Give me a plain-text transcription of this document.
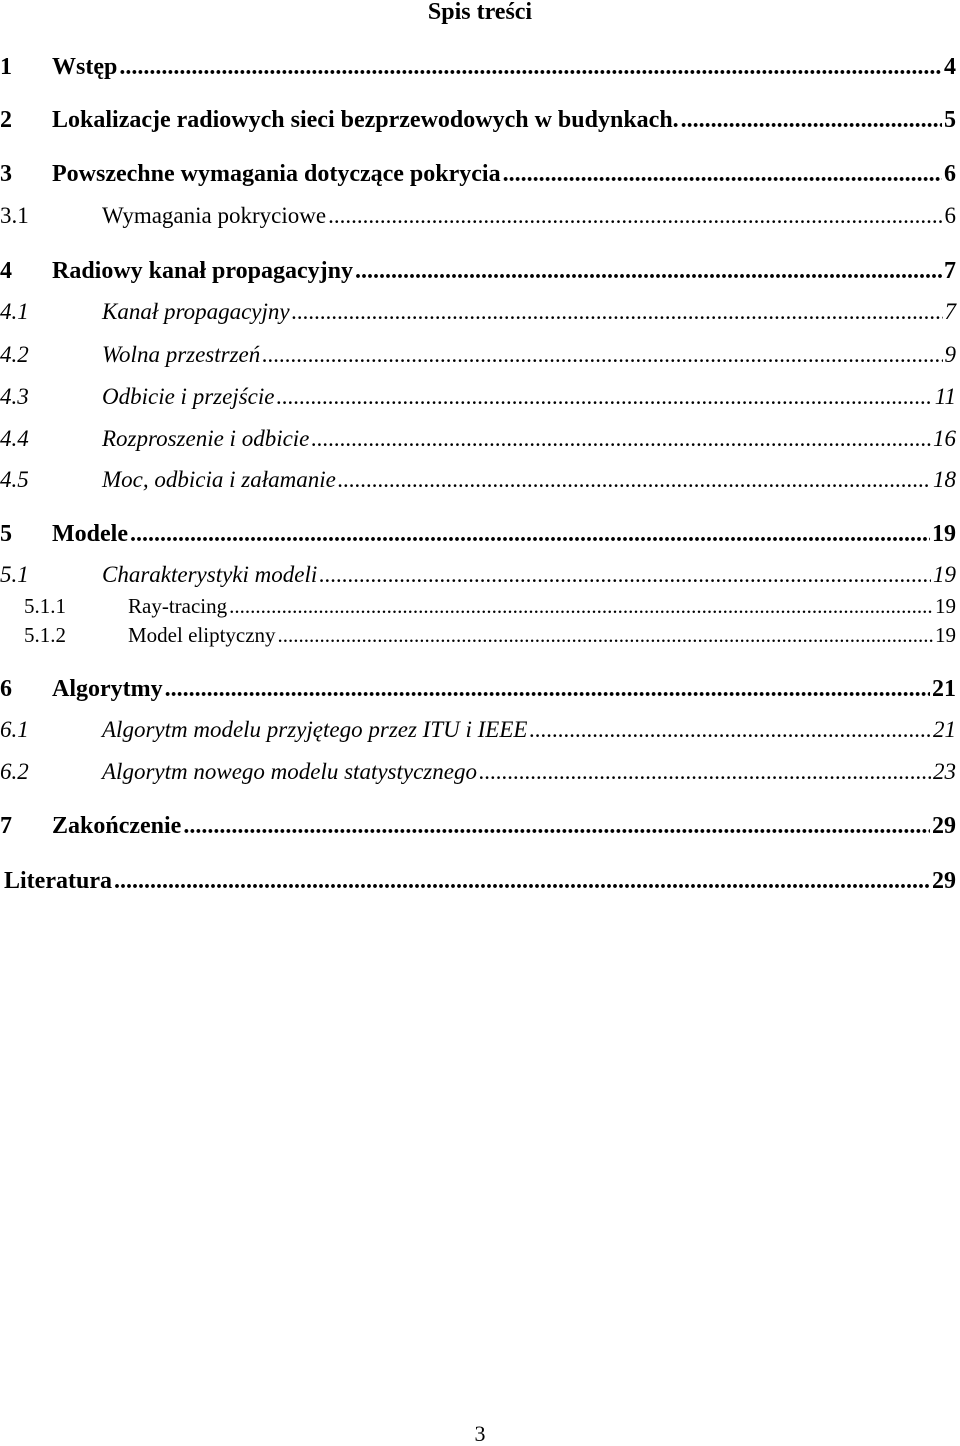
Spis treści
1	Wstęp .....	4
2	Lokalizacje radiowych sieci bezprzewodowych w budynkach. .....	5
3	Powszechne wymagania dotyczące pokrycia .....	6
3.1	Wymagania pokryciowe .....	6
4	Radiowy kanał propagacyjny .....	7
4.1	Kanał propagacyjny .....	7
4.2	Wolna przestrzeń .....	9
4.3	Odbicie i przejście .....	11
4.4	Rozproszenie i odbicie .....	16
4.5	Moc, odbicia i załamanie .....	18
5	Modele .....	19
5.1	Charakterystyki modeli .....	19
5.1.1	Ray-tracing .....	19
5.1.2	Model eliptyczny .....	19
6	Algorytmy .....	21
6.1	Algorytm modelu przyjętego przez ITU i IEEE .....	21
6.2	Algorytm nowego modelu statystycznego .....	23
7	Zakończenie .....	29
Literatura .....	29
3
